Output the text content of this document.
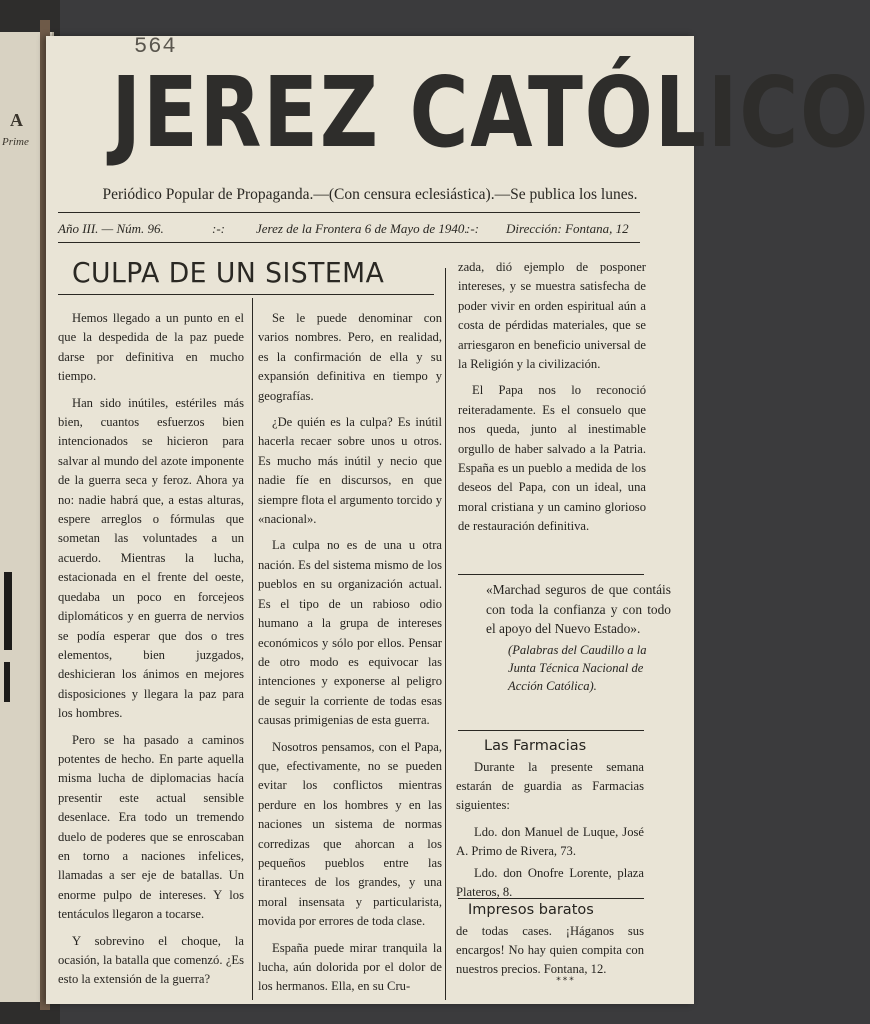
A
Prime
564
JEREZ CATÓLICO
Periódico Popular de Propaganda.—(Con censura eclesiástica).—Se publica los lunes.
Año III. — Núm. 96.	:-: Jerez de la Frontera 6 de Mayo de 1940.
:-: Dirección: Fontana, 12
CULPA DE UN SISTEMA

Hemos llegado a un punto en el que la despedida de la paz puede darse por definitiva en mucho tiempo.

Han sido inútiles, estériles más bien, cuantos esfuerzos bien intencionados se hicieron para salvar al mundo del azote imponente de la guerra seca y feroz. Ahora ya no: nadie habrá que, a estas alturas, espere arreglos o fórmulas que sometan las voluntades a un acuerdo. Mientras la lucha, estacionada en el frente del oeste, quedaba un poco en forcejeos diplomáticos y en guerra de nervios se podía esperar que dos o tres elementos, bien juzgados, deshicieran los ánimos en mejores disposiciones y llegara la paz para los hombres.

Pero se ha pasado a caminos potentes de hecho. En parte aquella misma lucha de diplomacias hacía presentir este actual sensible desenlace. Era todo un tremendo duelo de poderes que se enroscaban en torno a naciones infelices, llamadas a ser eje de batallas. Un enorme pulpo de intereses. Y los tentáculos llegaron a tocarse.

Y sobrevino el choque, la ocasión, la batalla que comenzó. ¿Es esto la extensión de la guerra?

Se le puede denominar con varios nombres. Pero, en realidad, es la confirmación de ella y su expansión definitiva en tiempo y geografías.

¿De quién es la culpa? Es inútil hacerla recaer sobre unos u otros. Es mucho más inútil y necio que nadie fíe en discursos, en que siempre flota el argumento torcido y «nacional».

La culpa no es de una u otra nación. Es del sistema mismo de los pueblos en su organización actual. Es el tipo de un rabioso odio humano a la grupa de intereses económicos y sólo por ellos. Pensar de otro modo es equivocar las intenciones y exponerse al peligro de seguir la corriente de todas esas causas primigenias de esta guerra.

Nosotros pensamos, con el Papa, que, efectivamente, no se pueden evitar los conflictos mientras perdure en los hombres y en las naciones un sistema de normas corredizas que ahorcan a los pequeños pueblos entre las tiranteces de los grandes, y una moral insensata y particularista, movida por errores de toda clase.

España puede mirar tranquila la lucha, aún dolorida por el dolor de los hermanos. Ella, en su Cru-

zada, dió ejemplo de posponer intereses, y se muestra satisfecha de poder vivir en orden espiritual aún a costa de pérdidas materiales, que se arriesgaron en beneficio universal de la Religión y la civilización.

El Papa nos lo reconoció reiteradamente. Es el consuelo que nos queda, junto al inestimable orgullo de haber salvado a la Patria. España es un pueblo a medida de los deseos del Papa, con un ideal, una moral cristiana y un camino glorioso de restauración definitiva.

«Marchad seguros de que contáis con toda la confianza y con todo el apoyo del Nuevo Estado».
(Palabras del Caudillo a la Junta Técnica Nacional de Acción Católica).
Las Farmacias

Durante la presente semana estarán de guardia as Farmacias siguientes:

Ldo. don Manuel de Luque, José A. Primo de Rivera, 73.

Ldo. don Onofre Lorente, plaza Plateros, 8.

Impresos baratos
de todas cases. ¡Háganos sus encargos! No hay quien compita con nuestros precios. Fontana, 12.
***
